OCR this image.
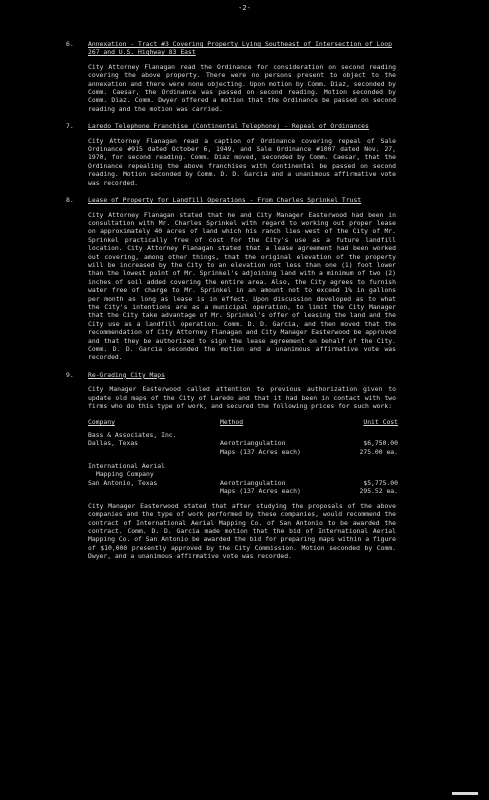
-2-
6.	Annexation - Tract #3 Covering Property Lying Southeast of Intersection of Loop 267 and U.S. Highway 83 East
City Attorney Flanagan read the Ordinance for consideration on second reading covering the above property. There were no persons present to object to the annexation and there were none objecting. Upon motion by Comm. Diaz, seconded by Comm. Caesar, the Ordinance was passed on second reading. Motion seconded by Comm. Diaz. Comm. Dwyer offered a motion that the Ordinance be passed on second reading and the motion was carried.
7.	Laredo Telephone Franchise (Continental Telephone) - Repeal of Ordinances
City Attorney Flanagan read a caption of Ordinance covering repeal of Sale Ordinance #915 dated October 6, 1949, and Sale Ordinance #1007 dated Nov. 27, 1970, for second reading. Comm. Diaz moved, seconded by Comm. Caesar, that the Ordinance repealing the above franchises with Continental be passed on second reading. Motion seconded by Comm. D. D. Garcia and a unanimous affirmative vote was recorded.
8.	Lease of Property for Landfill Operations - From Charles Sprinkel Trust
City Attorney Flanagan stated that he and City Manager Easterwood had been in consultation with Mr. Charles Sprinkel with regard to working out proper lease on approximately 40 acres of land which his ranch lies west of the City of Mr. Sprinkel practically free of cost for the City's use as a future landfill location. City Attorney Flanagan stated that a lease agreement had been worked out covering, among other things, that the original elevation of the property will be increased by the City to an elevation not less than one (1) foot lower than the lowest point of Mr. Sprinkel's adjoining land with a minimum of two (2) inches of soil added covering the entire area. Also, the City agrees to furnish water free of charge to Mr. Sprinkel in an amount not to exceed 1% in gallons per month as long as lease is in effect. Upon discussion developed as to what the City's intentions are as a municipal operation, to limit the City Manager that the City take advantage of Mr. Sprinkel's offer of leasing the land and the City use as a landfill operation. Comm. D. D. Garcia, and then moved that the recommendation of City Attorney Flanagan and City Manager Easterwood be approved and that they be authorized to sign the lease agreement on behalf of the City. Comm. D. D. Garcia seconded the motion and a unanimous affirmative vote was recorded.
9.	Re-Grading City Maps
City Manager Easterwood called attention to previous authorization given to update old maps of the City of Laredo and that it had been in contact with two firms who do this type of work, and secured the following prices for such work:
Company	Method	Unit Cost
Bass & Associates, Inc.		
Dallas, Texas	Aerotriangulation	$6,750.00
	Maps (137 Acres each)	275.00 ea.

International Aerial		
Mapping Company		
San Antonio, Texas	Aerotriangulation	$5,775.00
	Maps (137 Acres each)	295.52 ea.
City Manager Easterwood stated that after studying the proposals of the above companies and the type of work performed by these companies, would recommend the contract of International Aerial Mapping Co. of San Antonio to be awarded the contract. Comm. D. D. Garcia made motion that the bid of International Aerial Mapping Co. of San Antonio be awarded the bid for preparing maps within a figure of $10,000 presently approved by the City Commission. Motion seconded by Comm. Dwyer, and a unanimous affirmative vote was recorded.
